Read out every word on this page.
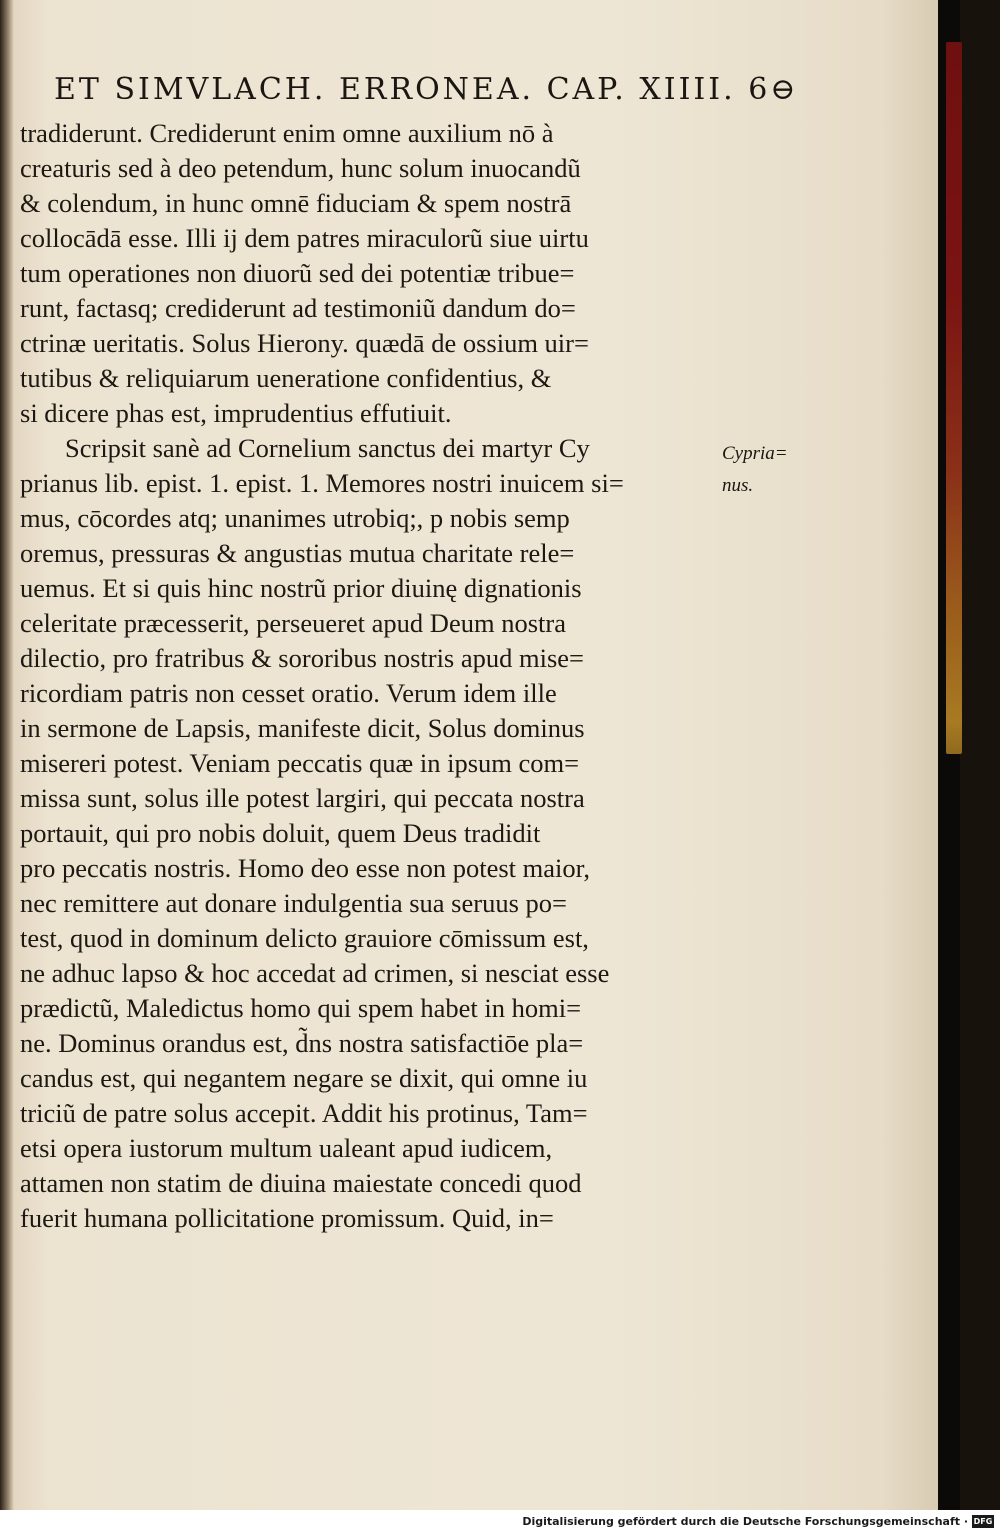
ET SIMVLACH. ERRONEA. CAP. XIIII. 6⊖
tradiderunt. Crediderunt enim omne auxilium nō à
creaturis sed à deo petendum, hunc solum inuocandũ
& colendum, in hunc omnē fiduciam & spem nostrā
collocādā esse. Illi ij dem patres miraculorũ siue uirtu
tum operationes non diuorũ sed dei potentiæ tribue=
runt, factasq; crediderunt ad testimoniũ dandum do=
ctrinæ ueritatis. Solus Hierony. quædā de ossium uir=
tutibus & reliquiarum ueneratione confidentius, &
si dicere phas est, imprudentius effutiuit.
Scripsit sanè ad Cornelium sanctus dei martyr Cy
prianus lib. epist. 1. epist. 1. Memores nostri inuicem si=
mus, cōcordes atq; unanimes utrobiq;, p nobis semp
oremus, pressuras & angustias mutua charitate rele=
uemus. Et si quis hinc nostrũ prior diuinę dignationis
celeritate præcesserit, perseueret apud Deum nostra
dilectio, pro fratribus & sororibus nostris apud mise=
ricordiam patris non cesset oratio. Verum idem ille
in sermone de Lapsis, manifeste dicit, Solus dominus
misereri potest. Veniam peccatis quæ in ipsum com=
missa sunt, solus ille potest largiri, qui peccata nostra
portauit, qui pro nobis doluit, quem Deus tradidit
pro peccatis nostris. Homo deo esse non potest maior,
nec remittere aut donare indulgentia sua seruus po=
test, quod in dominum delicto grauiore cōmissum est,
ne adhuc lapso & hoc accedat ad crimen, si nesciat esse
prædictũ, Maledictus homo qui spem habet in homi=
ne. Dominus orandus est, d̃ns nostra satisfactiōe pla=
candus est, qui negantem negare se dixit, qui omne iu
triciũ de patre solus accepit. Addit his protinus, Tam=
etsi opera iustorum multum ualeant apud iudicem,
attamen non statim de diuina maiestate concedi quod
fuerit humana pollicitatione promissum. Quid, in=
Cypria=
nus.
Digitalisierung gefördert durch die Deutsche Forschungsgemeinschaft · DFG
